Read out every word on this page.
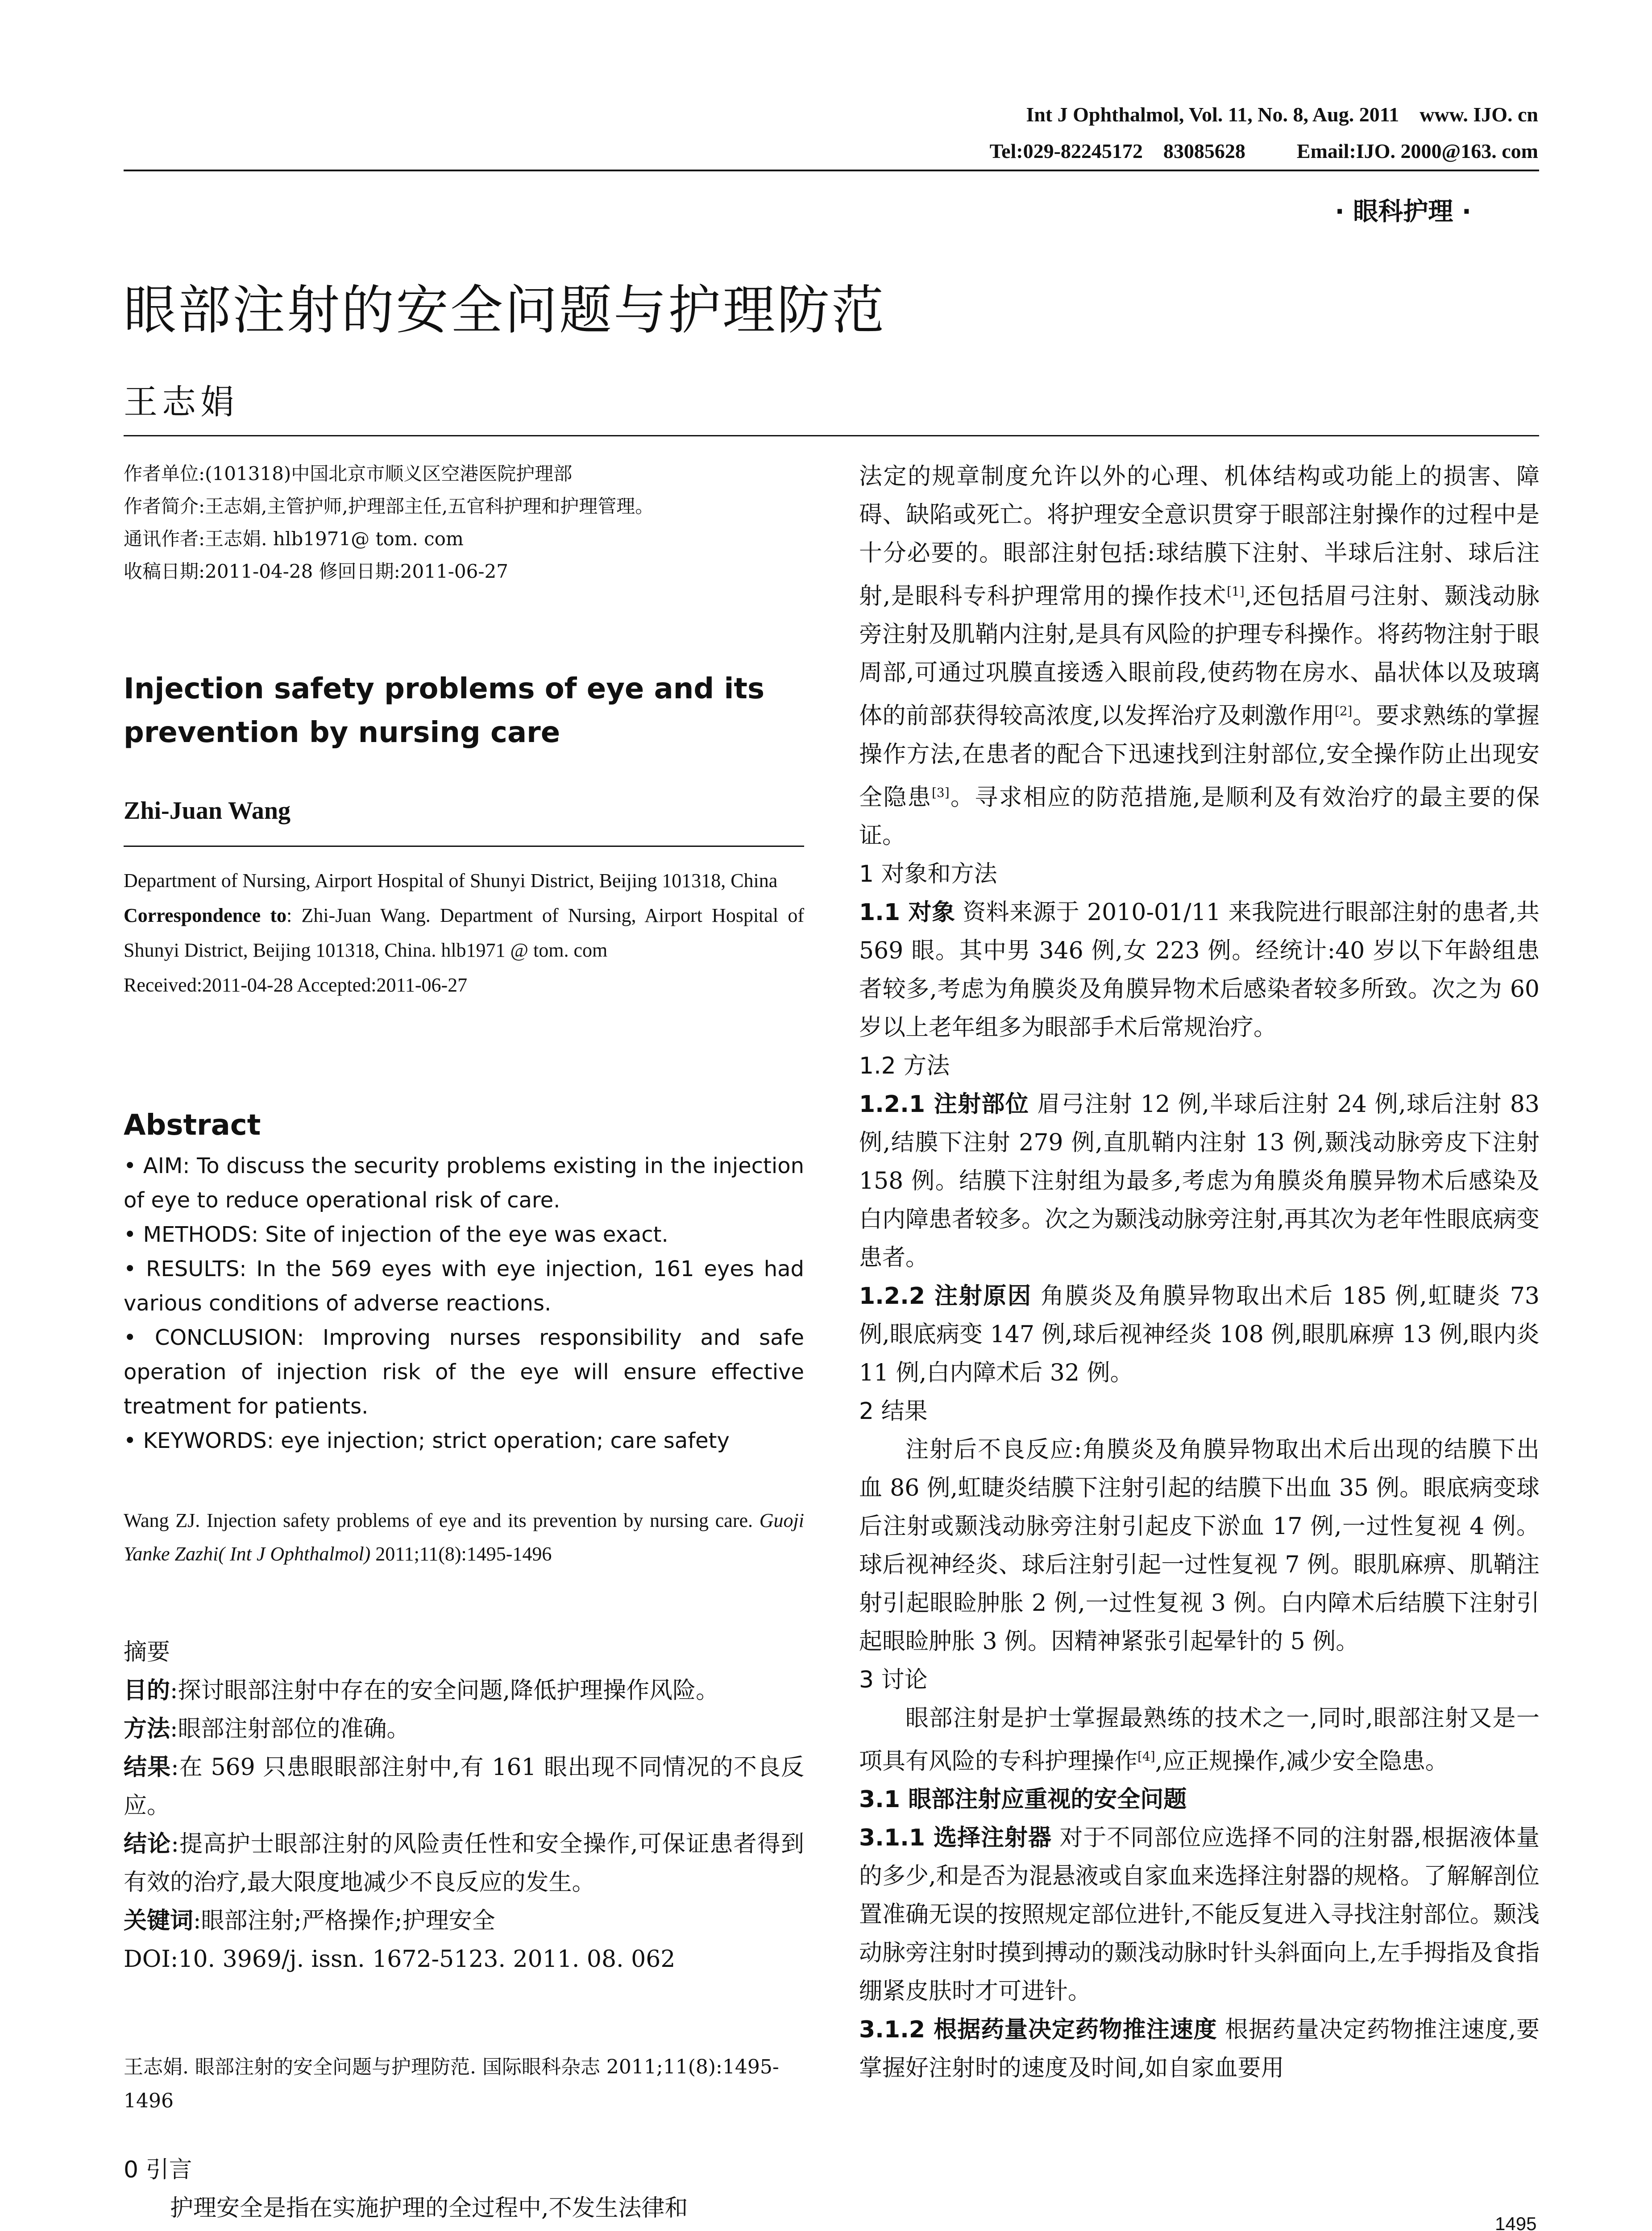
Int J Ophthalmol, Vol. 11, No. 8, Aug. 2011    www. IJO. cn
Tel:029-82245172    83085628          Email:IJO. 2000@163. com
· 眼科护理 ·
眼部注射的安全问题与护理防范
王志娟

作者单位:(101318)中国北京市顺义区空港医院护理部

作者简介:王志娟,主管护师,护理部主任,五官科护理和护理管理。

通讯作者:王志娟. hlb1971@ tom. com

收稿日期:2011-04-28 修回日期:2011-06-27

Injection safety problems of eye and its prevention by nursing care
Zhi-Juan Wang

Department of Nursing, Airport Hospital of Shunyi District, Beijing 101318, China

Correspondence to: Zhi-Juan Wang. Department of Nursing, Airport Hospital of Shunyi District, Beijing 101318, China. hlb1971 @ tom. com

Received:2011-04-28 Accepted:2011-06-27

Abstract

• AIM: To discuss the security problems existing in the injection of eye to reduce operational risk of care.

• METHODS: Site of injection of the eye was exact.

• RESULTS: In the 569 eyes with eye injection, 161 eyes had various conditions of adverse reactions.

• CONCLUSION: Improving nurses responsibility and safe operation of injection risk of the eye will ensure effective treatment for patients.

• KEYWORDS: eye injection; strict operation; care safety

Wang ZJ. Injection safety problems of eye and its prevention by nursing care. Guoji Yanke Zazhi( Int J Ophthalmol) 2011;11(8):1495-1496

摘要

目的:探讨眼部注射中存在的安全问题,降低护理操作风险。

方法:眼部注射部位的准确。

结果:在 569 只患眼眼部注射中,有 161 眼出现不同情况的不良反应。

结论:提高护士眼部注射的风险责任性和安全操作,可保证患者得到有效的治疗,最大限度地减少不良反应的发生。

关键词:眼部注射;严格操作;护理安全

DOI:10. 3969/j. issn. 1672-5123. 2011. 08. 062

王志娟. 眼部注射的安全问题与护理防范. 国际眼科杂志 2011;11(8):1495-1496

0 引言

护理安全是指在实施护理的全过程中,不发生法律和

法定的规章制度允许以外的心理、机体结构或功能上的损害、障碍、缺陷或死亡。将护理安全意识贯穿于眼部注射操作的过程中是十分必要的。眼部注射包括:球结膜下注射、半球后注射、球后注射,是眼科专科护理常用的操作技术[1],还包括眉弓注射、颞浅动脉旁注射及肌鞘内注射,是具有风险的护理专科操作。将药物注射于眼周部,可通过巩膜直接透入眼前段,使药物在房水、晶状体以及玻璃体的前部获得较高浓度,以发挥治疗及刺激作用[2]。要求熟练的掌握操作方法,在患者的配合下迅速找到注射部位,安全操作防止出现安全隐患[3]。寻求相应的防范措施,是顺利及有效治疗的最主要的保证。

1 对象和方法

1.1 对象 资料来源于 2010-01/11 来我院进行眼部注射的患者,共 569 眼。其中男 346 例,女 223 例。经统计:40 岁以下年龄组患者较多,考虑为角膜炎及角膜异物术后感染者较多所致。次之为 60 岁以上老年组多为眼部手术后常规治疗。

1.2 方法

1.2.1 注射部位 眉弓注射 12 例,半球后注射 24 例,球后注射 83 例,结膜下注射 279 例,直肌鞘内注射 13 例,颞浅动脉旁皮下注射 158 例。结膜下注射组为最多,考虑为角膜炎角膜异物术后感染及白内障患者较多。次之为颞浅动脉旁注射,再其次为老年性眼底病变患者。

1.2.2 注射原因 角膜炎及角膜异物取出术后 185 例,虹睫炎 73 例,眼底病变 147 例,球后视神经炎 108 例,眼肌麻痹 13 例,眼内炎 11 例,白内障术后 32 例。

2 结果

注射后不良反应:角膜炎及角膜异物取出术后出现的结膜下出血 86 例,虹睫炎结膜下注射引起的结膜下出血 35 例。眼底病变球后注射或颞浅动脉旁注射引起皮下淤血 17 例,一过性复视 4 例。球后视神经炎、球后注射引起一过性复视 7 例。眼肌麻痹、肌鞘注射引起眼睑肿胀 2 例,一过性复视 3 例。白内障术后结膜下注射引起眼睑肿胀 3 例。因精神紧张引起晕针的 5 例。

3 讨论

眼部注射是护士掌握最熟练的技术之一,同时,眼部注射又是一项具有风险的专科护理操作[4],应正规操作,减少安全隐患。

3.1 眼部注射应重视的安全问题

3.1.1 选择注射器 对于不同部位应选择不同的注射器,根据液体量的多少,和是否为混悬液或自家血来选择注射器的规格。了解解剖位置准确无误的按照规定部位进针,不能反复进入寻找注射部位。颞浅动脉旁注射时摸到搏动的颞浅动脉时针头斜面向上,左手拇指及食指绷紧皮肤时才可进针。

3.1.2 根据药量决定药物推注速度 根据药量决定药物推注速度,要掌握好注射时的速度及时间,如自家血要用

1495
